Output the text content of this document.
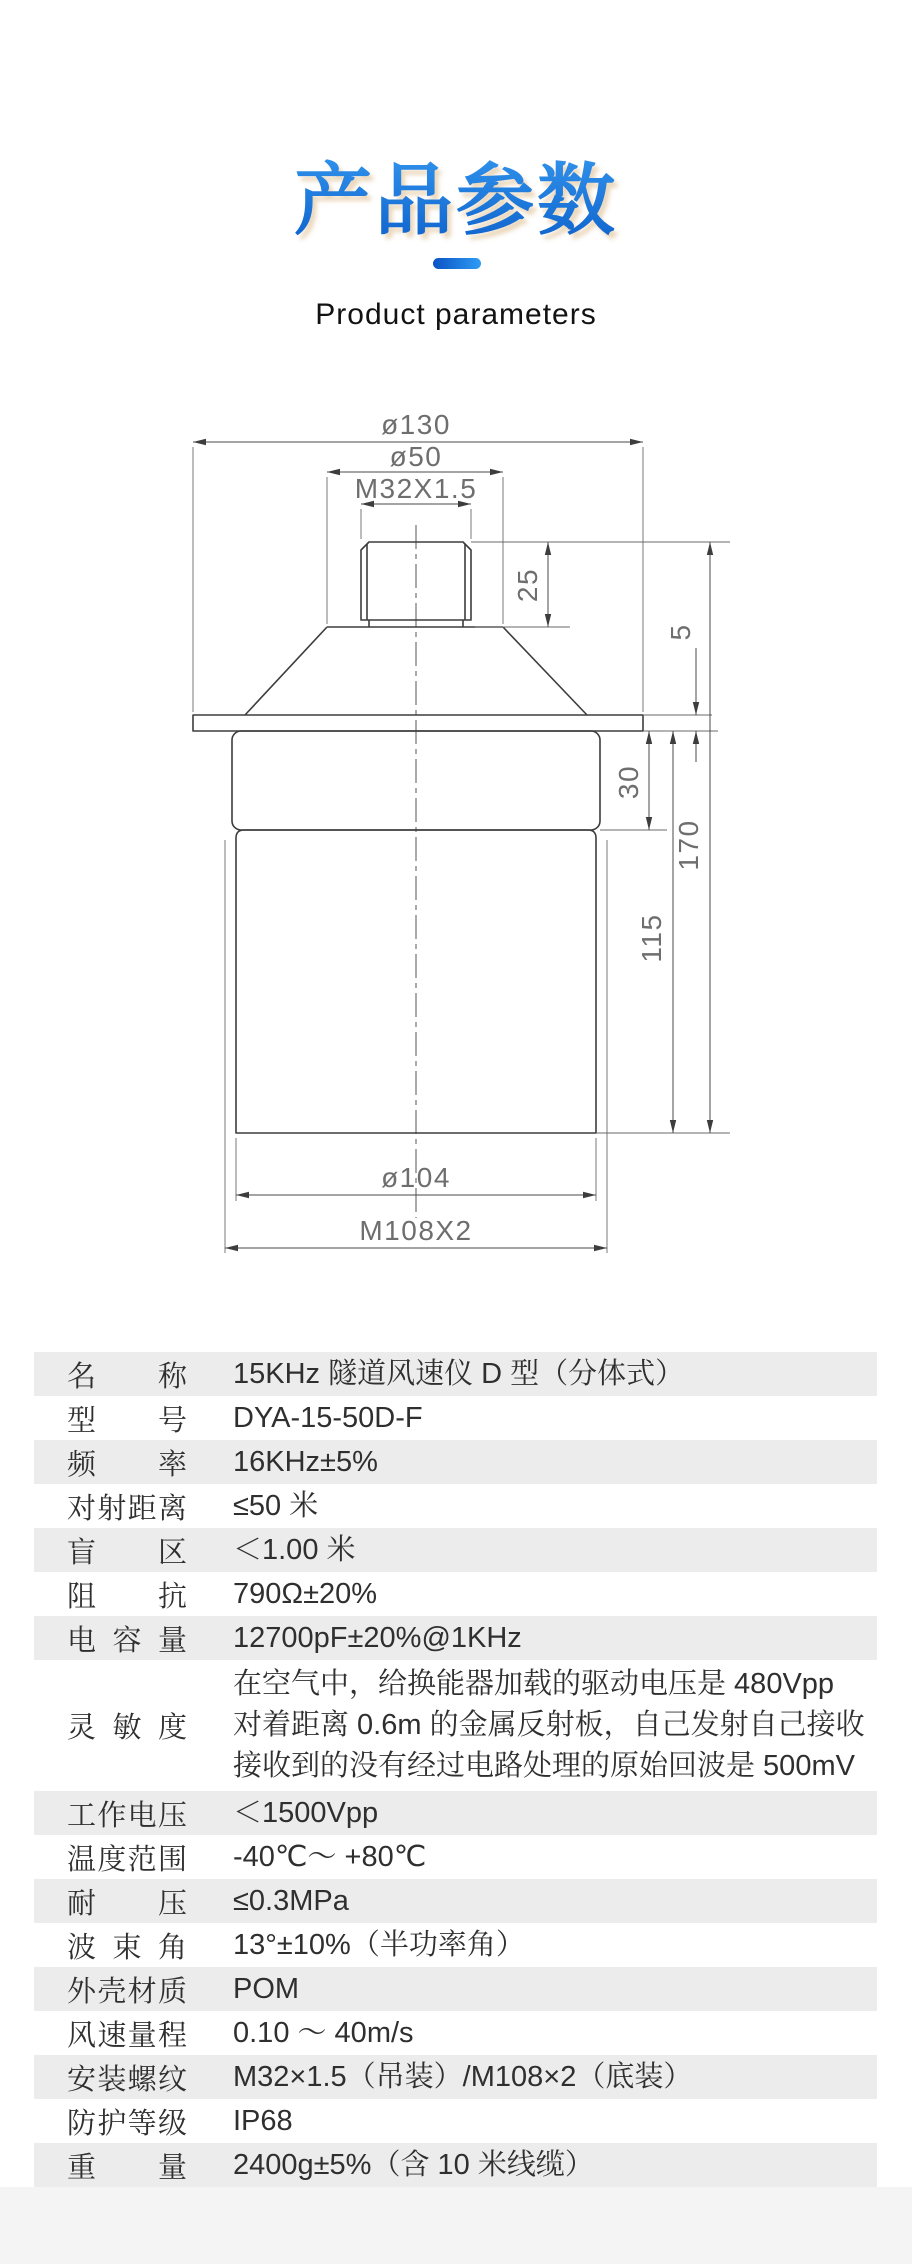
产品参数
Product parameters
ø130
ø50
M32X1.5
25
5
30
115
170
ø104
M108X2
名称 15KHz 隧道风速仪 D 型（分体式）
型号 DYA-15-50D-F
频率 16KHz±5%
对射距离 ≤50 米
盲区 ＜1.00 米
阻抗 790Ω±20%
电容量 12700pF±20%@1KHz
灵敏度
在空气中，给换能器加载的驱动电压是 480Vpp
对着距离 0.6m 的金属反射板，自己发射自己接收
接收到的没有经过电路处理的原始回波是 500mV
工作电压 ＜1500Vpp
温度范围 -40℃～ +80℃
耐压 ≤0.3MPa
波束角 13°±10%（半功率角）
外壳材质 POM
风速量程 0.10 ～ 40m/s
安装螺纹 M32×1.5（吊装）/M108×2（底装）
防护等级 IP68
重量 2400g±5%（含 10 米线缆）
